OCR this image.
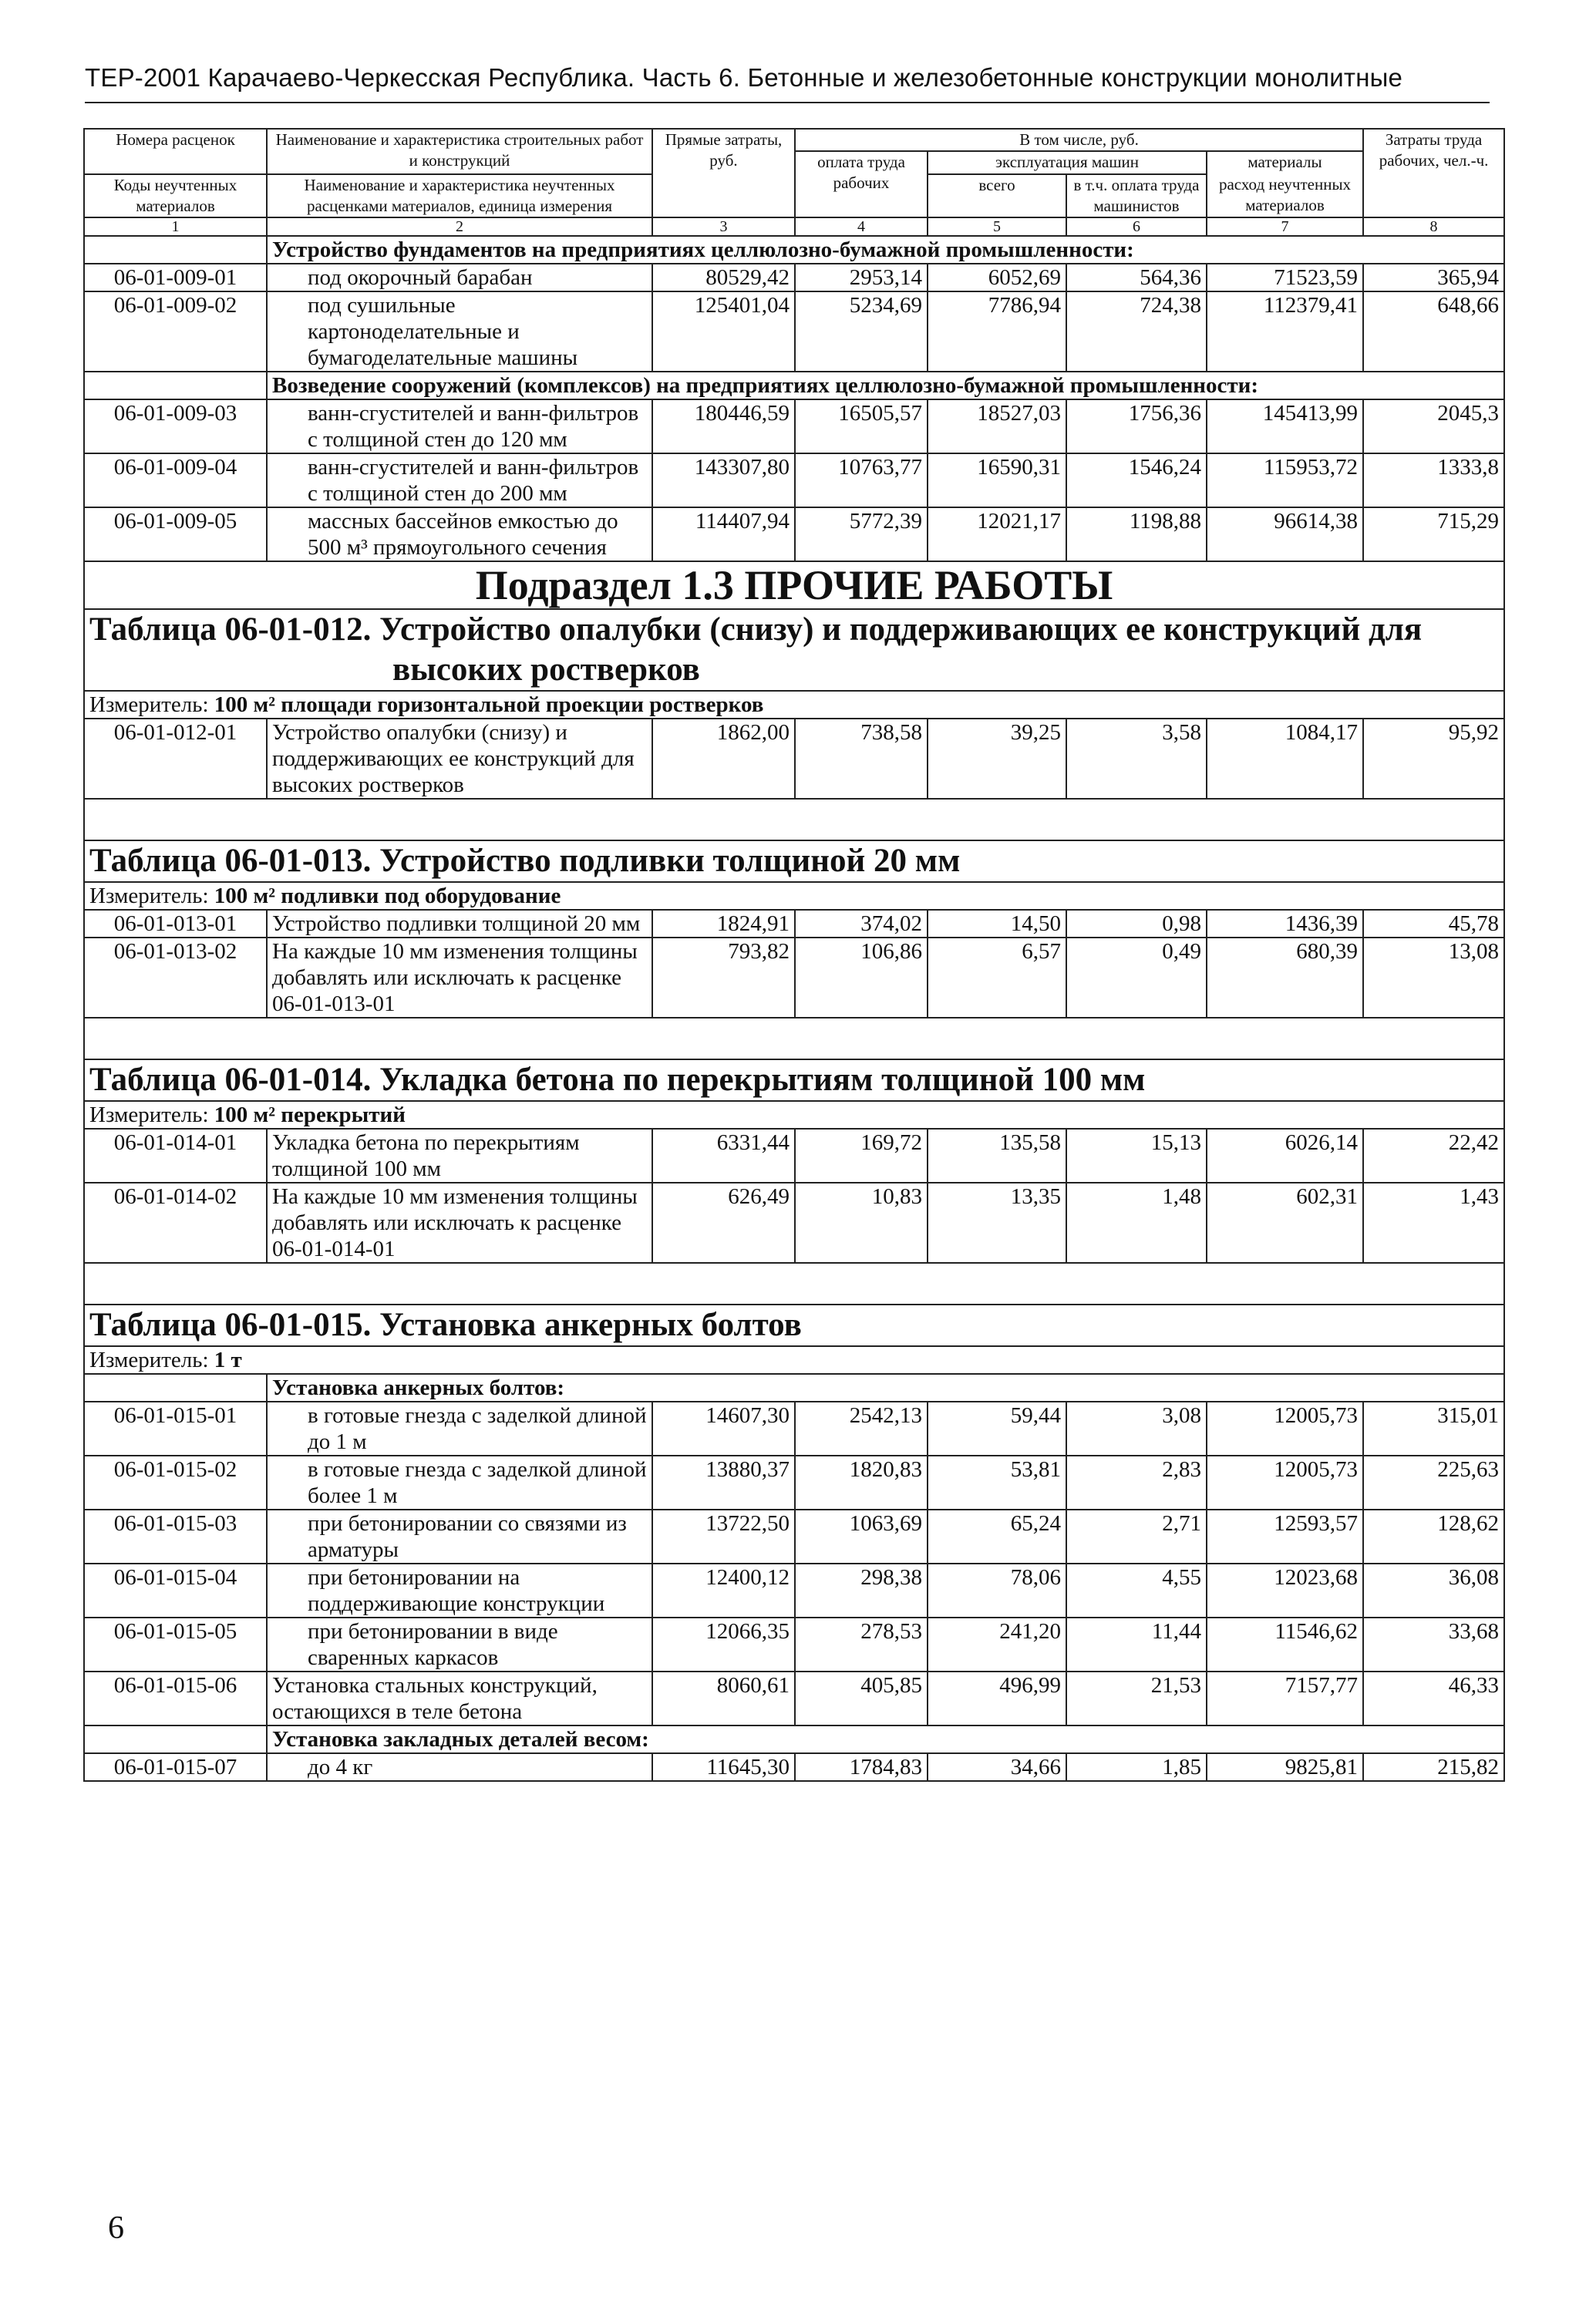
ТЕР-2001 Карачаево-Черкесская Республика. Часть 6. Бетонные и железобетонные конструкции монолитные
Номера расценок	Наименование и характеристика строительных работ и конструкций	Прямые затраты, руб.	В том числе, руб.				Затраты труда рабочих, чел.-ч.
			оплата труда рабочих	эксплуатация машин		материалы	
Коды неучтенных материалов	Наименование и характеристика неучтенных расценками материалов, единица измерения			всего	в т.ч. оплата труда машинистов	расход неучтенных материалов	

1	2	3	4	5	6	7	8
	Устройство фундаментов на предприятиях целлюлозно-бумажной промышленности:						
06-01-009-01	под окорочный барабан	80529,42	2953,14	6052,69	564,36	71523,59	365,94
06-01-009-02	под сушильные картоноделательные и бумагоделательные машины	125401,04	5234,69	7786,94	724,38	112379,41	648,66
	Возведение сооружений (комплексов) на предприятиях целлюлозно-бумажной промышленности:						
06-01-009-03	ванн-сгустителей и ванн-фильтров с толщиной стен до 120 мм	180446,59	16505,57	18527,03	1756,36	145413,99	2045,3
06-01-009-04	ванн-сгустителей и ванн-фильтров с толщиной стен до 200 мм	143307,80	10763,77	16590,31	1546,24	115953,72	1333,8
06-01-009-05	массных бассейнов емкостью до 500 м³ прямоугольного сечения	114407,94	5772,39	12021,17	1198,88	96614,38	715,29
Подраздел 1.3 ПРОЧИЕ РАБОТЫ							
Таблица 06-01-012. Устройство опалубки (снизу) и поддерживающих ее конструкций для
высоких ростверков							

Измеритель: 100 м² площади горизонтальной проекции ростверков							
06-01-012-01	Устройство опалубки (снизу) и поддерживающих ее конструкций для высоких ростверков	1862,00	738,58	39,25	3,58	1084,17	95,92

Таблица 06-01-013. Устройство подливки толщиной 20 мм							
Измеритель: 100 м² подливки под оборудование							
06-01-013-01	Устройство подливки толщиной 20 мм	1824,91	374,02	14,50	0,98	1436,39	45,78
06-01-013-02	На каждые 10 мм изменения толщины добавлять или исключать к расценке 06-01-013-01	793,82	106,86	6,57	0,49	680,39	13,08

Таблица 06-01-014. Укладка бетона по перекрытиям толщиной 100 мм							
Измеритель: 100 м² перекрытий							
06-01-014-01	Укладка бетона по перекрытиям толщиной 100 мм	6331,44	169,72	135,58	15,13	6026,14	22,42
06-01-014-02	На каждые 10 мм изменения толщины добавлять или исключать к расценке 06-01-014-01	626,49	10,83	13,35	1,48	602,31	1,43

Таблица 06-01-015. Установка анкерных болтов							
Измеритель: 1 т							
	Установка анкерных болтов:						
06-01-015-01	в готовые гнезда с заделкой длиной до 1 м	14607,30	2542,13	59,44	3,08	12005,73	315,01
06-01-015-02	в готовые гнезда с заделкой длиной более 1 м	13880,37	1820,83	53,81	2,83	12005,73	225,63
06-01-015-03	при бетонировании со связями из арматуры	13722,50	1063,69	65,24	2,71	12593,57	128,62
06-01-015-04	при бетонировании на поддерживающие конструкции	12400,12	298,38	78,06	4,55	12023,68	36,08
06-01-015-05	при бетонировании в виде сваренных каркасов	12066,35	278,53	241,20	11,44	11546,62	33,68
06-01-015-06	Установка стальных конструкций, остающихся в теле бетона	8060,61	405,85	496,99	21,53	7157,77	46,33
	Установка закладных деталей весом:						
06-01-015-07	до 4 кг	11645,30	1784,83	34,66	1,85	9825,81	215,82
6
